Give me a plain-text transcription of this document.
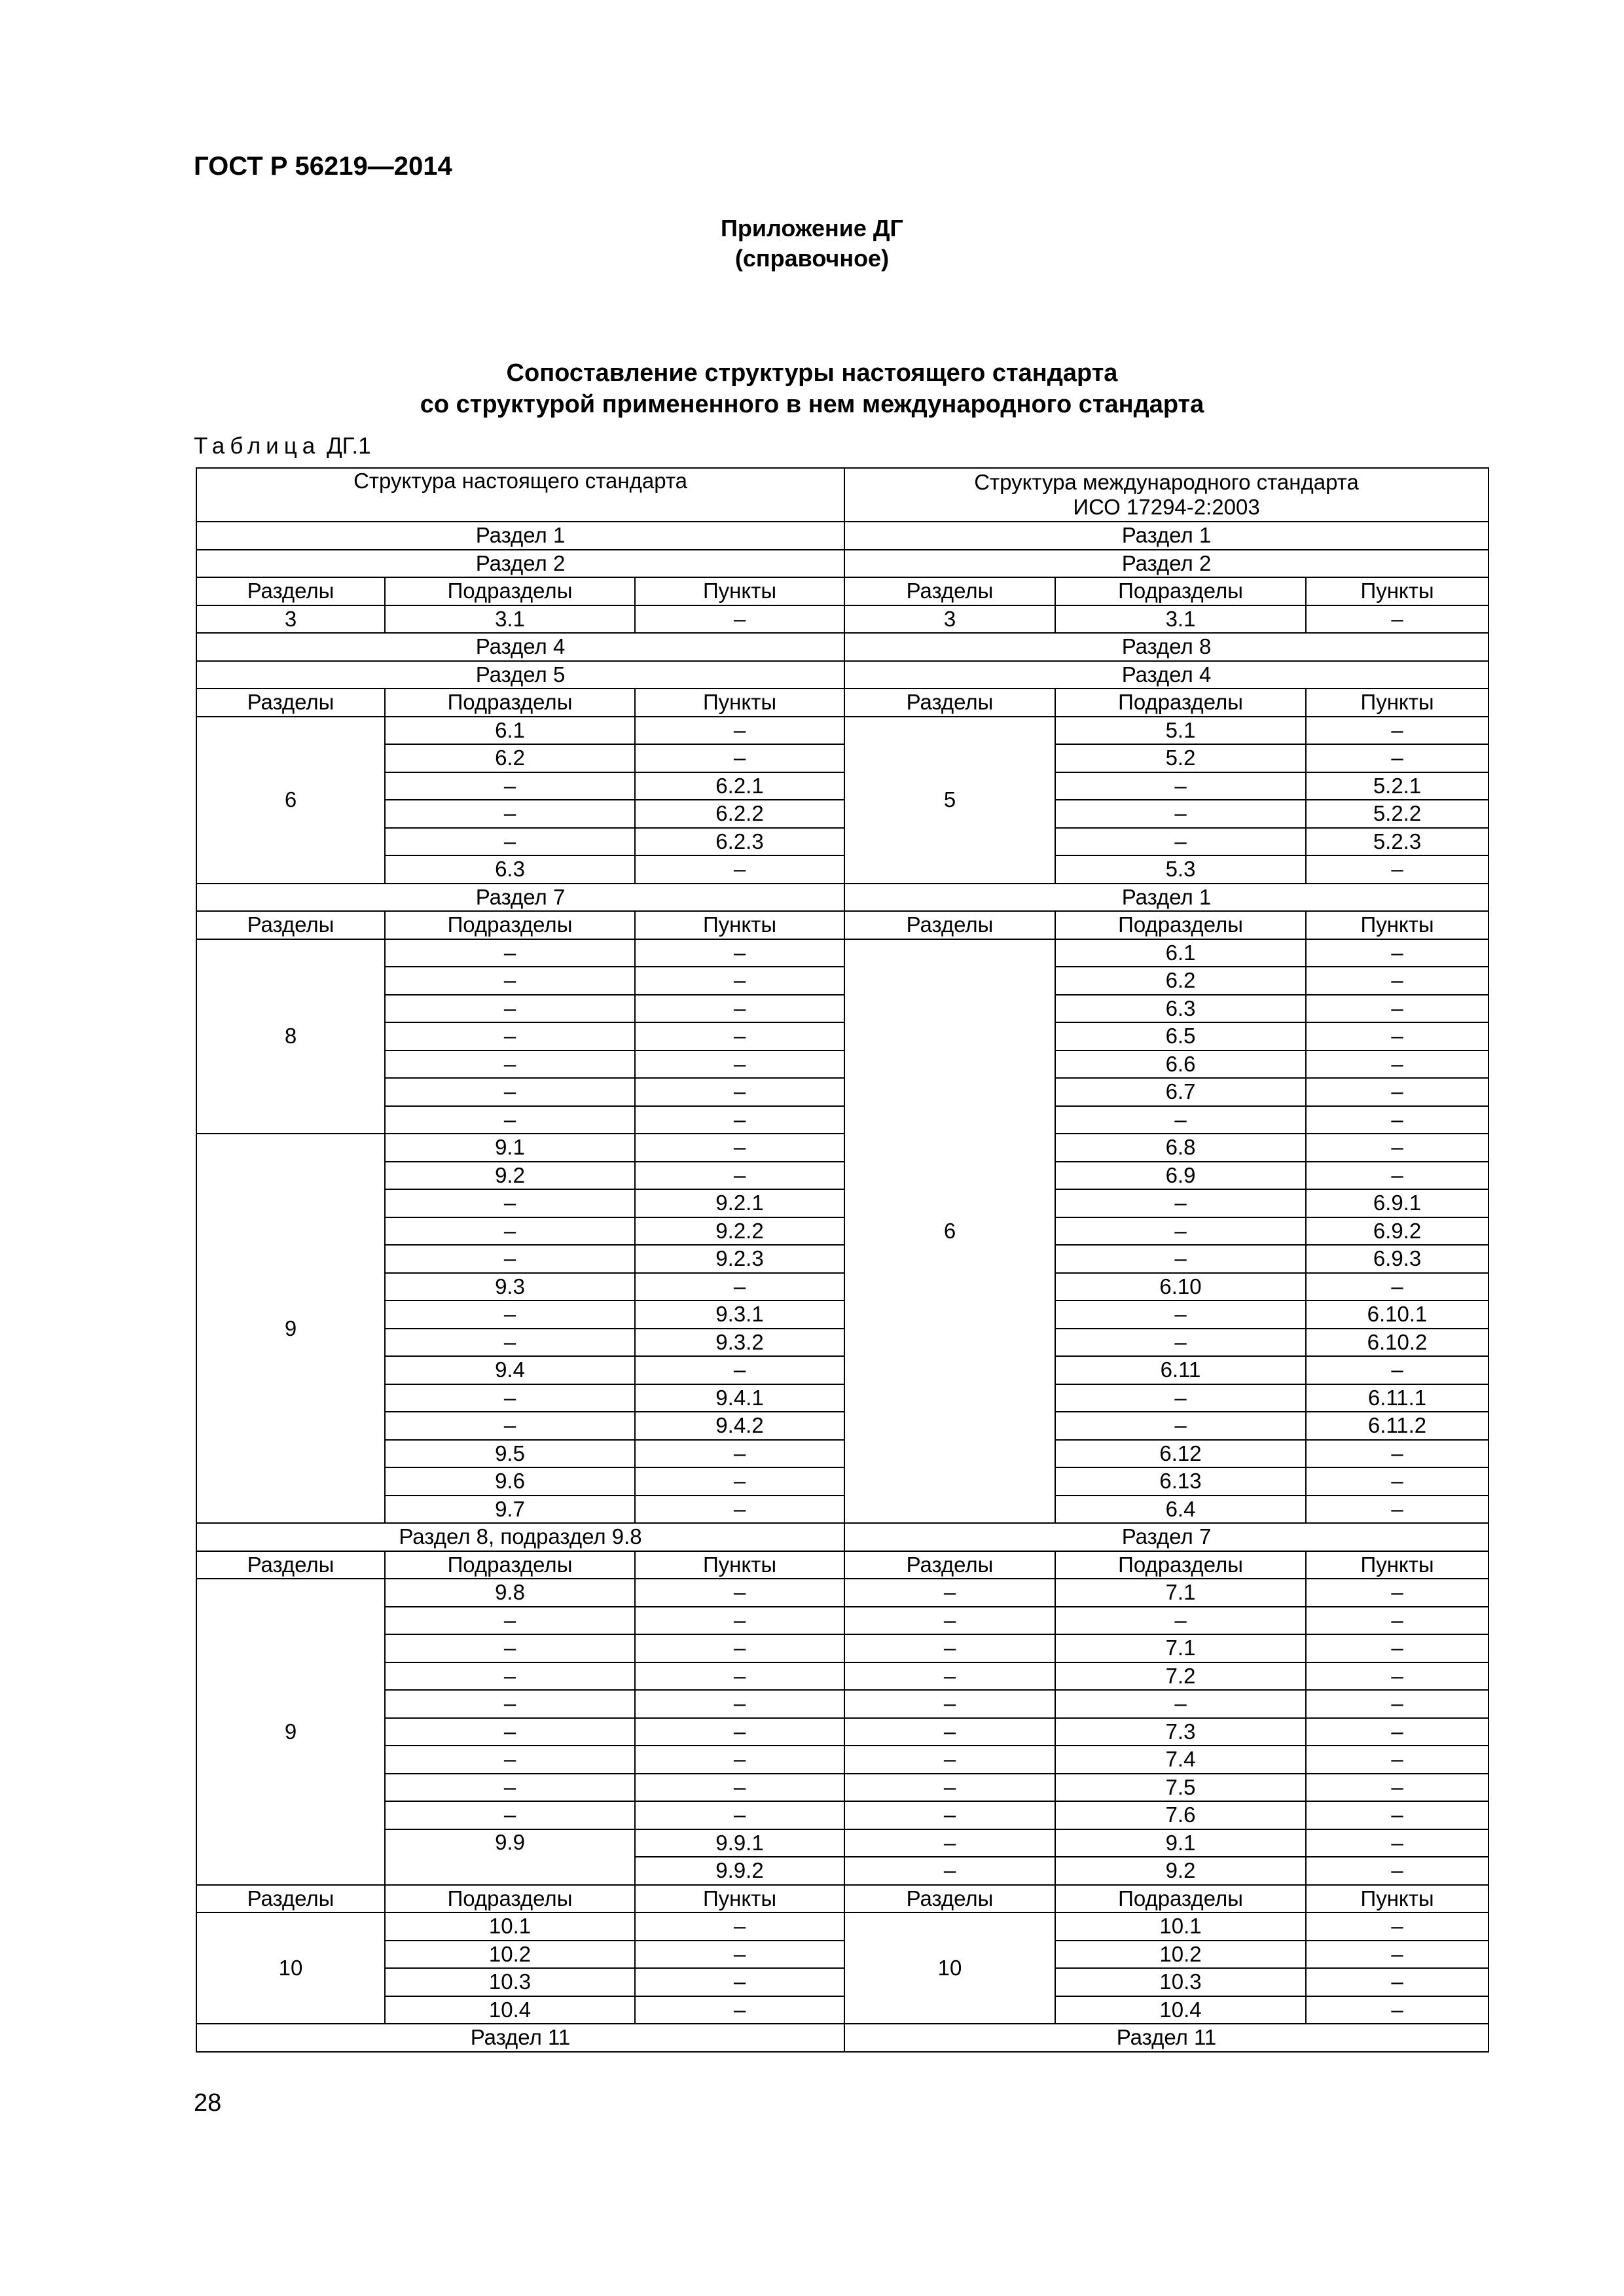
ГОСТ Р 56219—2014
Приложение ДГ
(справочное)
Сопоставление структуры настоящего стандарта
со структурой примененного в нем международного стандарта
Таблица ДГ.1
Структура настоящего стандарта			Структура международного стандарта
ИСО 17294-2:2003		

Раздел 1			Раздел 1		
Раздел 2			Раздел 2		
Разделы	Подразделы	Пункты	Разделы	Подразделы	Пункты
3	3.1	–	3	3.1	–
Раздел 4			Раздел 8		
Раздел 5			Раздел 4		
Разделы	Подразделы	Пункты	Разделы	Подразделы	Пункты
6	6.1	–	5	5.1	–
	6.2	–		5.2	–
	–	6.2.1		–	5.2.1
	–	6.2.2		–	5.2.2
	–	6.2.3		–	5.2.3
	6.3	–		5.3	–
Раздел 7			Раздел 1		
Разделы	Подразделы	Пункты	Разделы	Подразделы	Пункты
8	–	–	6	6.1	–
	–	–		6.2	–
	–	–		6.3	–
	–	–		6.5	–
	–	–		6.6	–
	–	–		6.7	–
	–	–		–	–
9	9.1	–		6.8	–
	9.2	–		6.9	–
	–	9.2.1		–	6.9.1
	–	9.2.2		–	6.9.2
	–	9.2.3		–	6.9.3
	9.3	–		6.10	–
	–	9.3.1		–	6.10.1
	–	9.3.2		–	6.10.2
	9.4	–		6.11	–
	–	9.4.1		–	6.11.1
	–	9.4.2		–	6.11.2
	9.5	–		6.12	–
	9.6	–		6.13	–
	9.7	–		6.4	–
Раздел 8, подраздел 9.8			Раздел 7		
Разделы	Подразделы	Пункты	Разделы	Подразделы	Пункты
9	9.8	–	–	7.1	–
	–	–	–	–	–
	–	–	–	7.1	–
	–	–	–	7.2	–
	–	–	–	–	–
	–	–	–	7.3	–
	–	–	–	7.4	–
	–	–	–	7.5	–
	–	–	–	7.6	–
	9.9	9.9.1	–	9.1	–
		9.9.2	–	9.2	–
Разделы	Подразделы	Пункты	Разделы	Подразделы	Пункты
10	10.1	–	10	10.1	–
	10.2	–		10.2	–
	10.3	–		10.3	–
	10.4	–		10.4	–
Раздел 11			Раздел 11		
28
